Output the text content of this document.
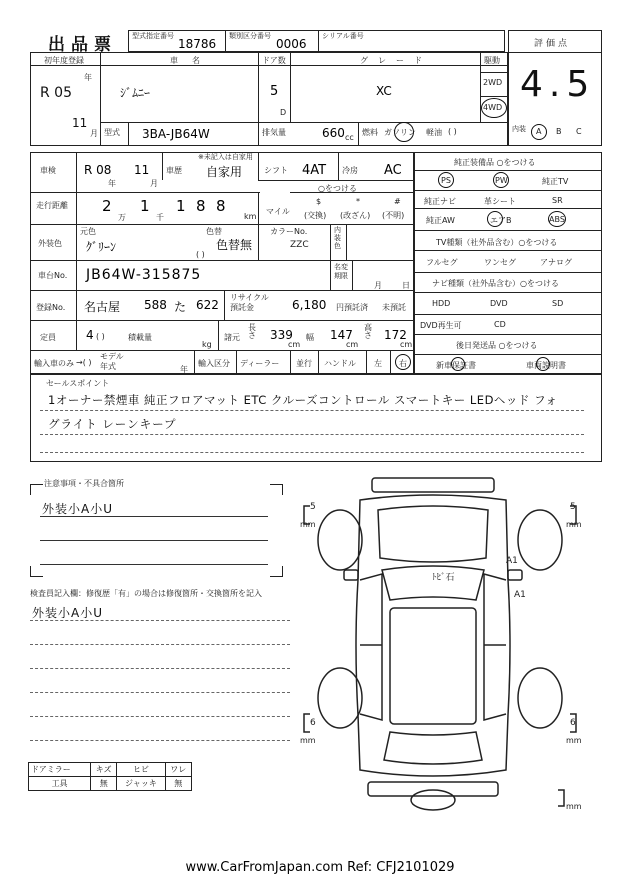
出品票 型式指定番号
18786
類別区分番号
0006
シリアル番号
評価点
4.5
初年度登録
年
R 05
11
月
車名
ｼﾞﾑﾆｰ
ドア数
5
D
グレード
XC
駆動
2WD
4WD
型式 3BA-JB64W	排気量	660 cc
燃料 ガソリン 軽油 ( )	内装 A B C
車検 R 08
年
11
月
車歴
※未記入は自家用
自家用	シフト 4AT 冷房 AC
走行距離 2
万
1
千
1 8 8
km
○をつける
マイル
$
(交換)
*
(改ざん)
#
(不明)
外装色
元色
ｸﾞﾘｰﾝ
色替
色替無
( )
カラーNo.
ZZC
内装色
車台No. JB64W-315875	名変期限
月	日
登録No. 名古屋 588 た 622
リサイクル預託金	6,180 円預託済 未預託
定員	4 ( )	積載量
kg
諸元
長さ 339
cm
幅 147
cm
高さ 172
cm
輸入車のみ →( )
モデル年式	年
輸入区分 ディーラー 並行 ハンドル 左 右
純正装備品 ○をつける
PS	PW	純正TV
純正ナビ	革シート	SR
純正AW	エアB	ABS
TV種類（社外品含む）○をつける
フルセグ	ワンセグ	アナログ
ナビ種類（社外品含む）○をつける
HDD	DVD	SD
DVD再生可	CD
後日発送品 ○をつける
新車保証書	車両説明書
セールスポイント
1オーナー禁煙車 純正フロアマット ETC クルーズコントロール スマートキー LEDヘッド フォ
グライト レーンキープ
注意事項・不具合箇所
外装小A小U
検査員記入欄：修復歴「有」の場合は修復箇所・交換箇所を記入
外装小A小U
ドアミラー	キズ	ヒビ	ワレ
工具	無	ジャッキ	無
5
mm
5
mm
6
mm
6
mm
mm
ﾄﾋﾞ石
A1
A1
www.CarFromJapan.com Ref: CFJ2101029
